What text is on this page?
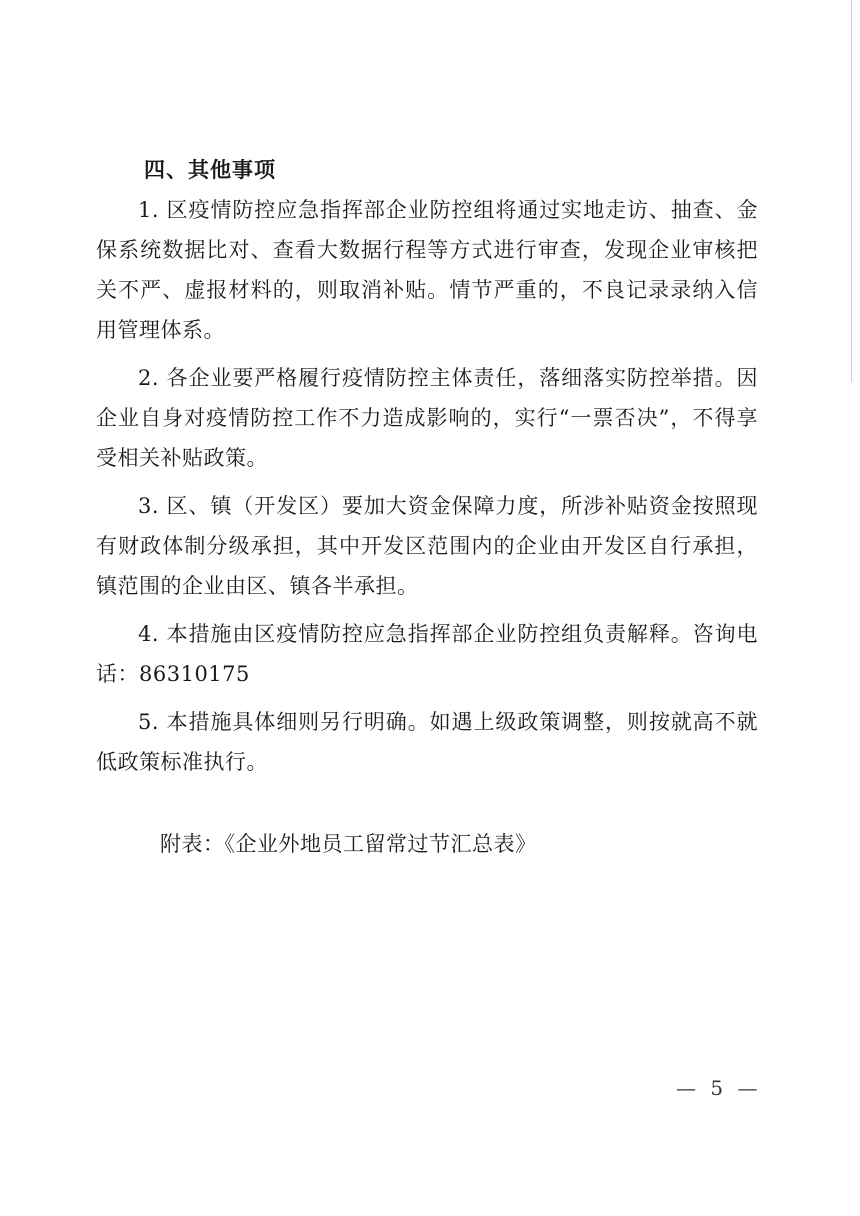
四、其他事项

1. 区疫情防控应急指挥部企业防控组将通过实地走访、抽查、金保系统数据比对、查看大数据行程等方式进行审查，发现企业审核把关不严、虚报材料的，则取消补贴。情节严重的，不良记录录纳入信用管理体系。

2. 各企业要严格履行疫情防控主体责任，落细落实防控举措。因企业自身对疫情防控工作不力造成影响的，实行“一票否决”，不得享受相关补贴政策。

3. 区、镇（开发区）要加大资金保障力度，所涉补贴资金按照现有财政体制分级承担，其中开发区范围内的企业由开发区自行承担，镇范围的企业由区、镇各半承担。

4. 本措施由区疫情防控应急指挥部企业防控组负责解释。咨询电话：86310175

5. 本措施具体细则另行明确。如遇上级政策调整，则按就高不就低政策标准执行。

附表：《企业外地员工留常过节汇总表》

— 5 —
